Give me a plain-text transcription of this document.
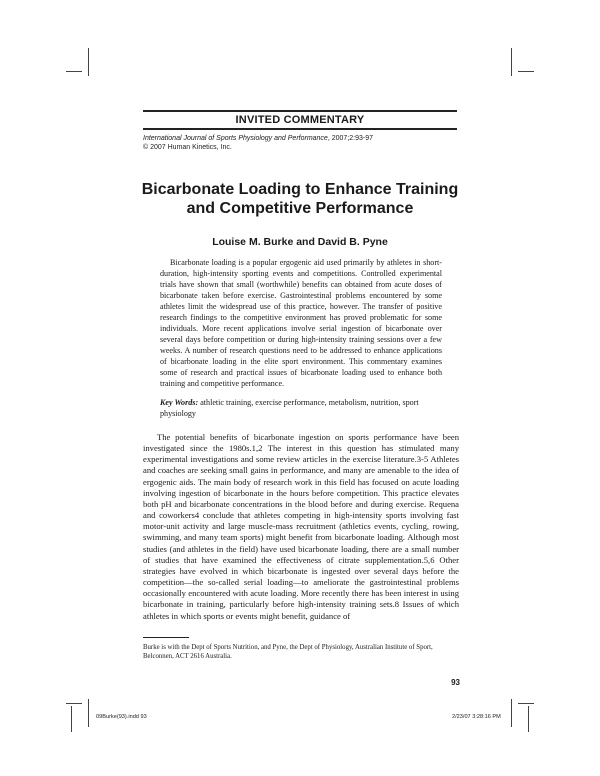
INVITED COMMENTARY
International Journal of Sports Physiology and Performance, 2007;2:93-97
© 2007 Human Kinetics, Inc.
Bicarbonate Loading to Enhance Training
and Competitive Performance
Louise M. Burke and David B. Pyne

Bicarbonate loading is a popular ergogenic aid used primarily by athletes in short-duration, high-intensity sporting events and competitions. Controlled experimental trials have shown that small (worthwhile) benefits can obtained from acute doses of bicarbonate taken before exercise. Gastrointestinal problems encountered by some athletes limit the widespread use of this practice, however. The transfer of positive research findings to the competitive environment has proved problematic for some individuals. More recent applications involve serial ingestion of bicarbonate over several days before competition or during high-intensity training sessions over a few weeks. A number of research questions need to be addressed to enhance applications of bicarbonate loading in the elite sport environment. This commentary examines some of research and practical issues of bicarbonate loading used to enhance both training and competitive performance.

Key Words: athletic training, exercise performance, metabolism, nutrition, sport physiology

The potential benefits of bicarbonate ingestion on sports performance have been investigated since the 1980s.1,2 The interest in this question has stimulated many experimental investigations and some review articles in the exercise literature.3-5 Athletes and coaches are seeking small gains in performance, and many are amenable to the idea of ergogenic aids. The main body of research work in this field has focused on acute loading involving ingestion of bicarbonate in the hours before competition. This practice elevates both pH and bicarbonate concentrations in the blood before and during exercise. Requena and coworkers4 conclude that athletes competing in high-intensity sports involving fast motor-unit activity and large muscle-mass recruitment (athletics events, cycling, rowing, swimming, and many team sports) might benefit from bicarbonate loading. Although most studies (and athletes in the field) have used bicarbonate loading, there are a small number of studies that have examined the effectiveness of citrate supplementation.5,6 Other strategies have evolved in which bicarbonate is ingested over several days before the competition—the so-called serial loading—to ameliorate the gastrointestinal problems occasionally encountered with acute loading. More recently there has been interest in using bicarbonate in training, particularly before high-intensity training sets.8 Issues of which athletes in which sports or events might benefit, guidance of

Burke is with the Dept of Sports Nutrition, and Pyne, the Dept of Physiology, Australian Institute of Sport, Belconnen, ACT 2616 Australia.
93
09Burke(93).indd 93	2/23/07 3:28:16 PM
